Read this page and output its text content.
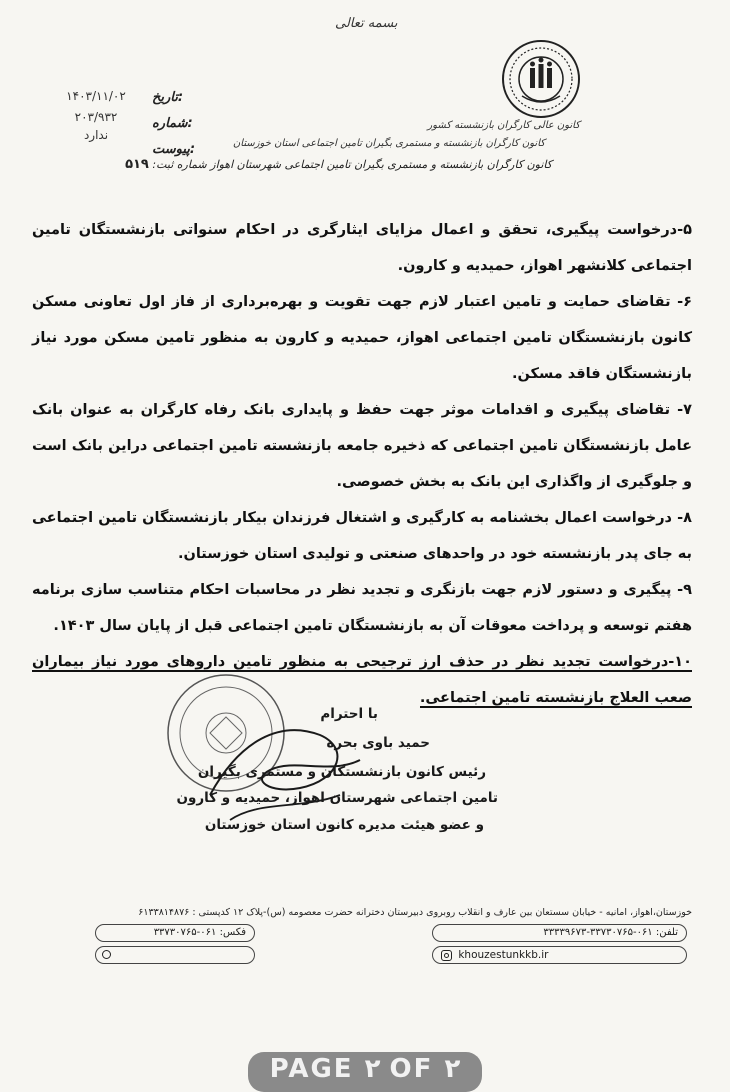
بسمه تعالی
کانون عالی کارگران بازنشسته کشور
کانون کارگران بازنشسته و مستمری بگیران تامین اجتماعی استان خوزستان
کانون کارگران بازنشسته و مستمری بگیران تامین اجتماعی شهرستان اهواز شماره ثبت: ۵۱۹
تاریخ:
۱۴۰۳/۱۱/۰۲
شماره:
۲۰۳/۹۳۲
پیوست:
ندارد

۵-درخواست پیگیری، تحقق و اعمال مزایای ایثارگری در احکام سنواتی بازنشستگان تامین اجتماعی کلانشهر اهواز، حمیدیه و کارون.

۶- تقاضای حمایت و تامین اعتبار لازم جهت تقویت و بهره‌برداری از فاز اول تعاونی مسکن کانون بازنشستگان تامین اجتماعی اهواز، حمیدیه و کارون به منظور تامین مسکن مورد نیاز بازنشستگان فاقد مسکن.

۷- تقاضای پیگیری و اقدامات موثر جهت حفظ و پایداری بانک رفاه کارگران به عنوان بانک عامل بازنشستگان تامین اجتماعی که ذخیره جامعه بازنشسته تامین اجتماعی دراین بانک است و جلوگیری از واگذاری این بانک به بخش خصوصی.

۸- درخواست اعمال بخشنامه به کارگیری و اشتغال فرزندان بیکار بازنشستگان تامین اجتماعی به جای پدر بازنشسته خود در واحدهای صنعتی و تولیدی استان خوزستان.

۹- پیگیری و دستور لازم جهت بازنگری و تجدید نظر در محاسبات احکام متناسب سازی برنامه هفتم توسعه و پرداخت معوقات آن به بازنشستگان تامین اجتماعی قبل از پایان سال ۱۴۰۳.

۱۰-درخواست تجدید نظر در حذف ارز ترجیحی به منظور تامین داروهای مورد نیاز بیماران صعب العلاج بازنشسته تامین اجتماعی.

با احترام
حمید باوی بحره
رئیس کانون بازنشستگان و مستمری بگیران
تامین اجتماعی شهرستان اهواز، حمیدیه و کارون
و عضو هیئت مدیره کانون استان خوزستان
خوزستان،اهواز، امانیه - خیابان سستعان بین عارف و انقلاب روبروی دبیرستان دخترانه حضرت معصومه (س)-پلاک ۱۲ کدپستی : ۶۱۳۳۸۱۴۸۷۶
تلفن: ۰۶۱-۳۳۷۳۰۷۶۵-۳۳۳۳۹۶۷۳
فکس: ۰۶۱-۳۳۷۳۰۷۶۵
khouzestunkkb.ir
PAGE ۲ OF ۲
